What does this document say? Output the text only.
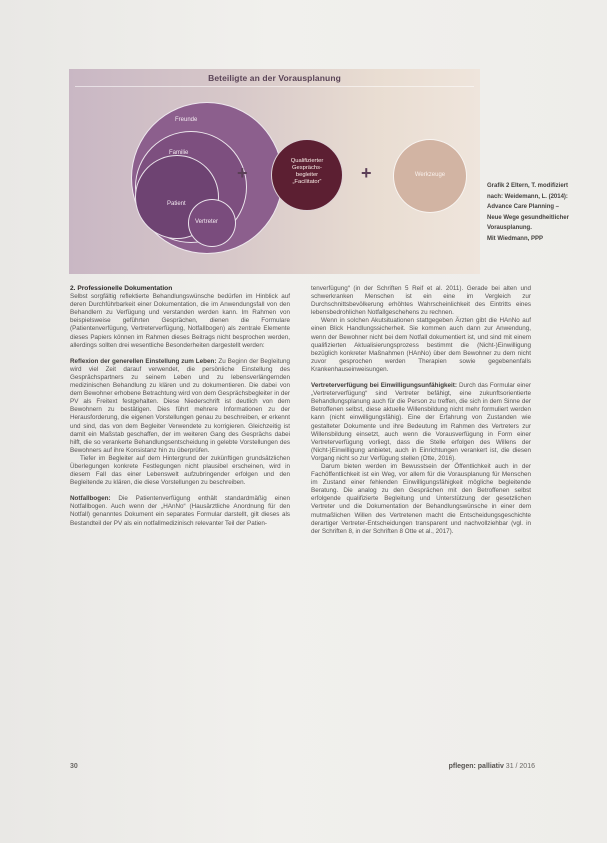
Beteiligte an der Vorausplanung
Freunde
Familie
Vertreter
Patient
+
Qualifizierter
Gesprächs-
begleiter
„Facilitator“	+	Werkzeuge
Grafik 2 Eltern, T. modifiziert
nach: Weidemann, L. (2014):
Advance Care Planning –
Neue Wege gesundheitlicher
Vorausplanung.
Mit Wiedmann, PPP

2. Professionelle Dokumentation

Selbst sorgfältig reflektierte Behandlungswünsche bedürfen im Hinblick auf deren Durchführbarkeit einer Dokumentation, die im Anwendungsfall von den Behandlern zu Verfügung und verstanden werden kann. Im Rahmen von beispielsweise geführten Gesprächen, dienen die Formulare (Patientenverfügung, Vertreterverfügung, Notfallbogen) als zentrale Elemente dieses Papiers können im Rahmen dieses Beitrags nicht besprochen werden, allerdings sollten drei wesentliche Besonderheiten dargestellt werden:

Reflexion der generellen Einstellung zum Leben: Zu Beginn der Begleitung wird viel Zeit darauf verwendet, die persönliche Einstellung des Gesprächspartners zu seinem Leben und zu lebensverlängernden medizinischen Behandlung zu klären und zu dokumentieren. Die dabei von dem Bewohner erhobene Betrachtung wird von dem Gesprächsbegleiter in der PV als Freitext festgehalten. Diese Niederschrift ist deutlich von dem Bewohnern zu bestätigen. Dies führt mehrere Informationen zu der Herausforderung, die eigenen Vorstellungen genau zu beschreiben, er erkennt und sind, das von dem Begleiter Verwendete zu korrigieren. Gleichzeitig ist damit ein Maßstab geschaffen, der im weiteren Gang des Gesprächs dabei hilft, die so verankerte Behandlungsentscheidung in gelebte Vorstellungen des Bewohners auf ihre Konsistanz hin zu überprüfen.

Tiefer im Begleiter auf dem Hintergrund der zukünftigen grundsätzlichen Überlegungen konkrete Festlegungen nicht plausibel erscheinen, wird in diesem Fall das einer Lebenswelt aufzubringender erfolgen und den Begleitende zu klären, die diese Vorstellungen zu beschreiben.

Notfallbogen: Die Patientenverfügung enthält standardmäßig einen Notfallbogen. Auch wenn der „HAnNo“ (Hausärztliche Anordnung für den Notfall) genanntes Dokument ein separates Formular darstellt, gilt dieses als Bestandteil der PV als ein notfallmedizinisch relevanter Teil der Patien-

tenverfügung“ (in der Schriften 5 Reif et al. 2011). Gerade bei alten und schwerkranken Menschen ist ein eine im Vergleich zur Durchschnittsbevölkerung erhöhtes Wahrscheinlichkeit des Eintritts eines lebensbedrohlichen Notfallgeschehens zu rechnen.

Wenn in solchen Akutsituationen stattgegeben Ärzten gibt die HAnNo auf einen Blick Handlungssicherheit. Sie kommen auch dann zur Anwendung, wenn der Bewohner nicht bei dem Notfall dokumentiert ist, und sind mit einem qualifizierten Aktualisierungsprozess bestimmt die (Nicht-)Einwilligung bezüglich konkreter Maßnahmen (HAnNo) über dem Bewohner zu dem nicht zuvor gesprochen werden Therapien sowie gegebenenfalls Krankenhauseinweisungen.

Vertreterverfügung bei Einwilligungsunfähigkeit: Durch das Formular einer „Vertreterverfügung“ sind Vertreter befähigt, eine zukunftsorientierte Behandlungsplanung auch für die Person zu treffen, die sich in dem Sinne der Betroffenen selbst, diese aktuelle Willensbildung nicht mehr formuliert werden kann (nicht einwilligungsfähig). Eine der Erfahrung von Zustanden wie gestalteter Dokumente und ihre Bedeutung im Rahmen des Vertreters zur Willensbildung einsetzt, auch wenn die Vorausverfügung in Form einer Vertreterverfügung vorliegt, dass die Stelle erfolgen des Willens der (Nicht-)Einwilligung anbietet, auch in Einrichtungen verankert ist, die diesen Vorgang nicht so zur Verfügung stellen (Otte, 2016).

Darum bieten werden im Bewusstsein der Öffentlichkeit auch in der Fachöffentlichkeit ist ein Weg, vor allem für die Vorausplanung für Menschen im Zustand einer fehlenden Einwilligungsfähigkeit mögliche begleitende Beratung. Die analog zu den Gesprächen mit den Betroffenen selbst erfolgende qualifizierte Begleitung und Unterstützung der gesetzlichen Vertreter und die Dokumentation der Behandlungswünsche in einer dem mutmaßlichen Willen des Vertretenen macht die Entscheidungsgeschichte derartiger Vertreter-Entscheidungen transparent und nachvollziehbar (vgl. in der Schriften 8, in der Schriften 8 Otte et al., 2017).

30	pflegen: palliativ 31 / 2016
